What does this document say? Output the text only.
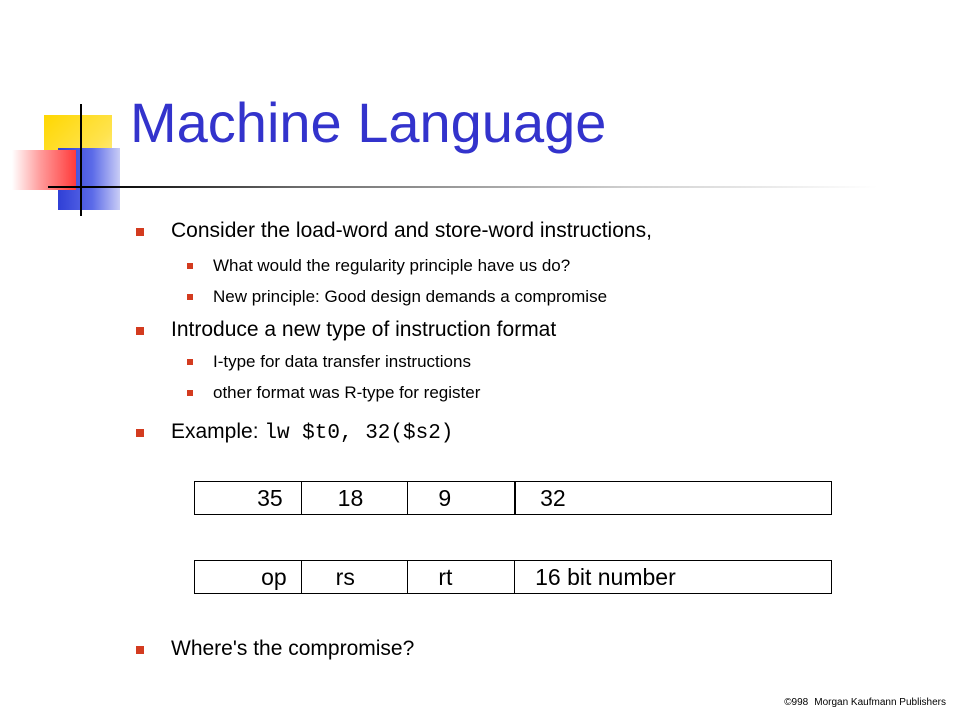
Machine Language
Consider the load-word and store-word instructions,
What would the regularity principle have us do?
New principle: Good design demands a compromise
Introduce a new type of instruction format
I-type for data transfer instructions
other format was R-type for register
Example: lw $t0, 32($s2)
35	18	9	32
op	rs	rt	16 bit number
Where's the compromise?
©998 Morgan Kaufmann Publishers
